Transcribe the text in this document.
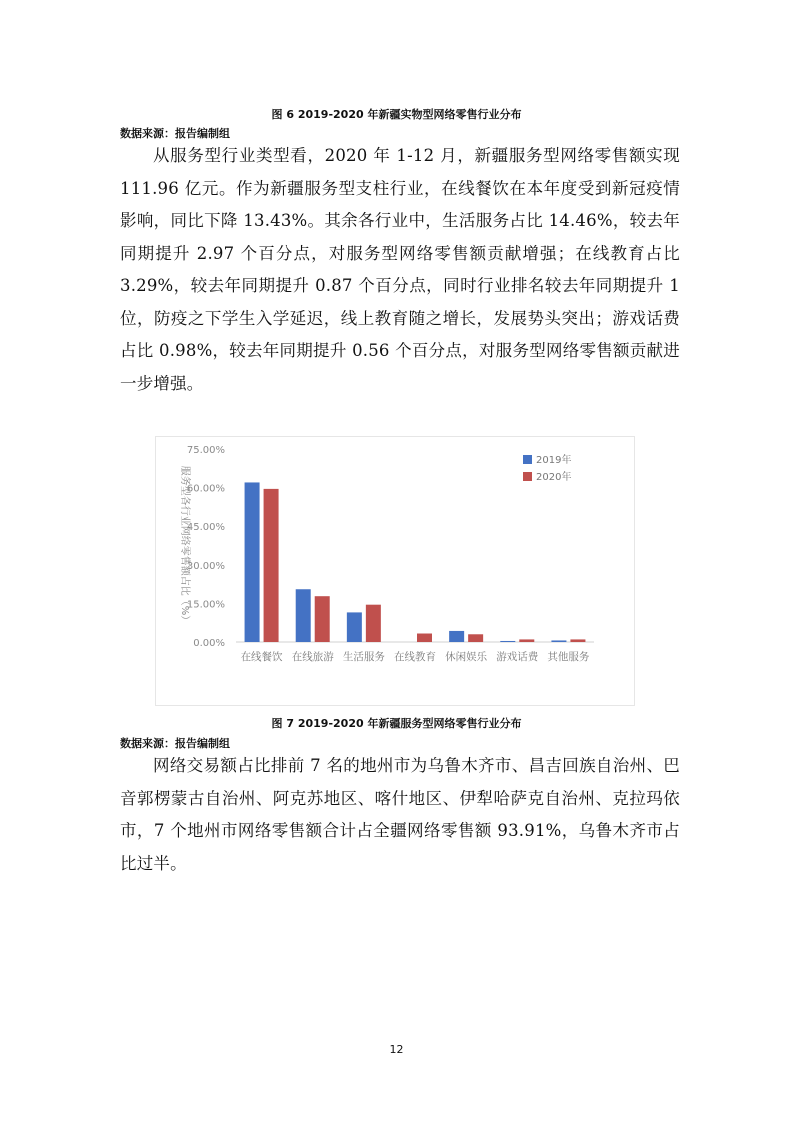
图 6 2019-2020 年新疆实物型网络零售行业分布
数据来源：报告编制组

从服务型行业类型看，2020 年 1-12 月，新疆服务型网络零售额实现 111.96 亿元。作为新疆服务型支柱行业，在线餐饮在本年度受到新冠疫情影响，同比下降 13.43%。其余各行业中，生活服务占比 14.46%，较去年同期提升 2.97 个百分点，对服务型网络零售额贡献增强；在线教育占比 3.29%，较去年同期提升 0.87 个百分点，同时行业排名较去年同期提升 1 位，防疫之下学生入学延迟，线上教育随之增长，发展势头突出；游戏话费占比 0.98%，较去年同期提升 0.56 个百分点，对服务型网络零售额贡献进一步增强。

0.00%
15.00%
30.00%
45.00%
60.00%
75.00%
服务型各行业网络零售额占比（%）
在线餐饮 在线旅游 生活服务 在线教育 休闲娱乐 游戏话费 其他服务
2019年
2020年
图 7 2019-2020 年新疆服务型网络零售行业分布
数据来源：报告编制组

网络交易额占比排前 7 名的地州市为乌鲁木齐市、昌吉回族自治州、巴音郭楞蒙古自治州、阿克苏地区、喀什地区、伊犁哈萨克自治州、克拉玛依市，7 个地州市网络零售额合计占全疆网络零售额 93.91%，乌鲁木齐市占比过半。

12
